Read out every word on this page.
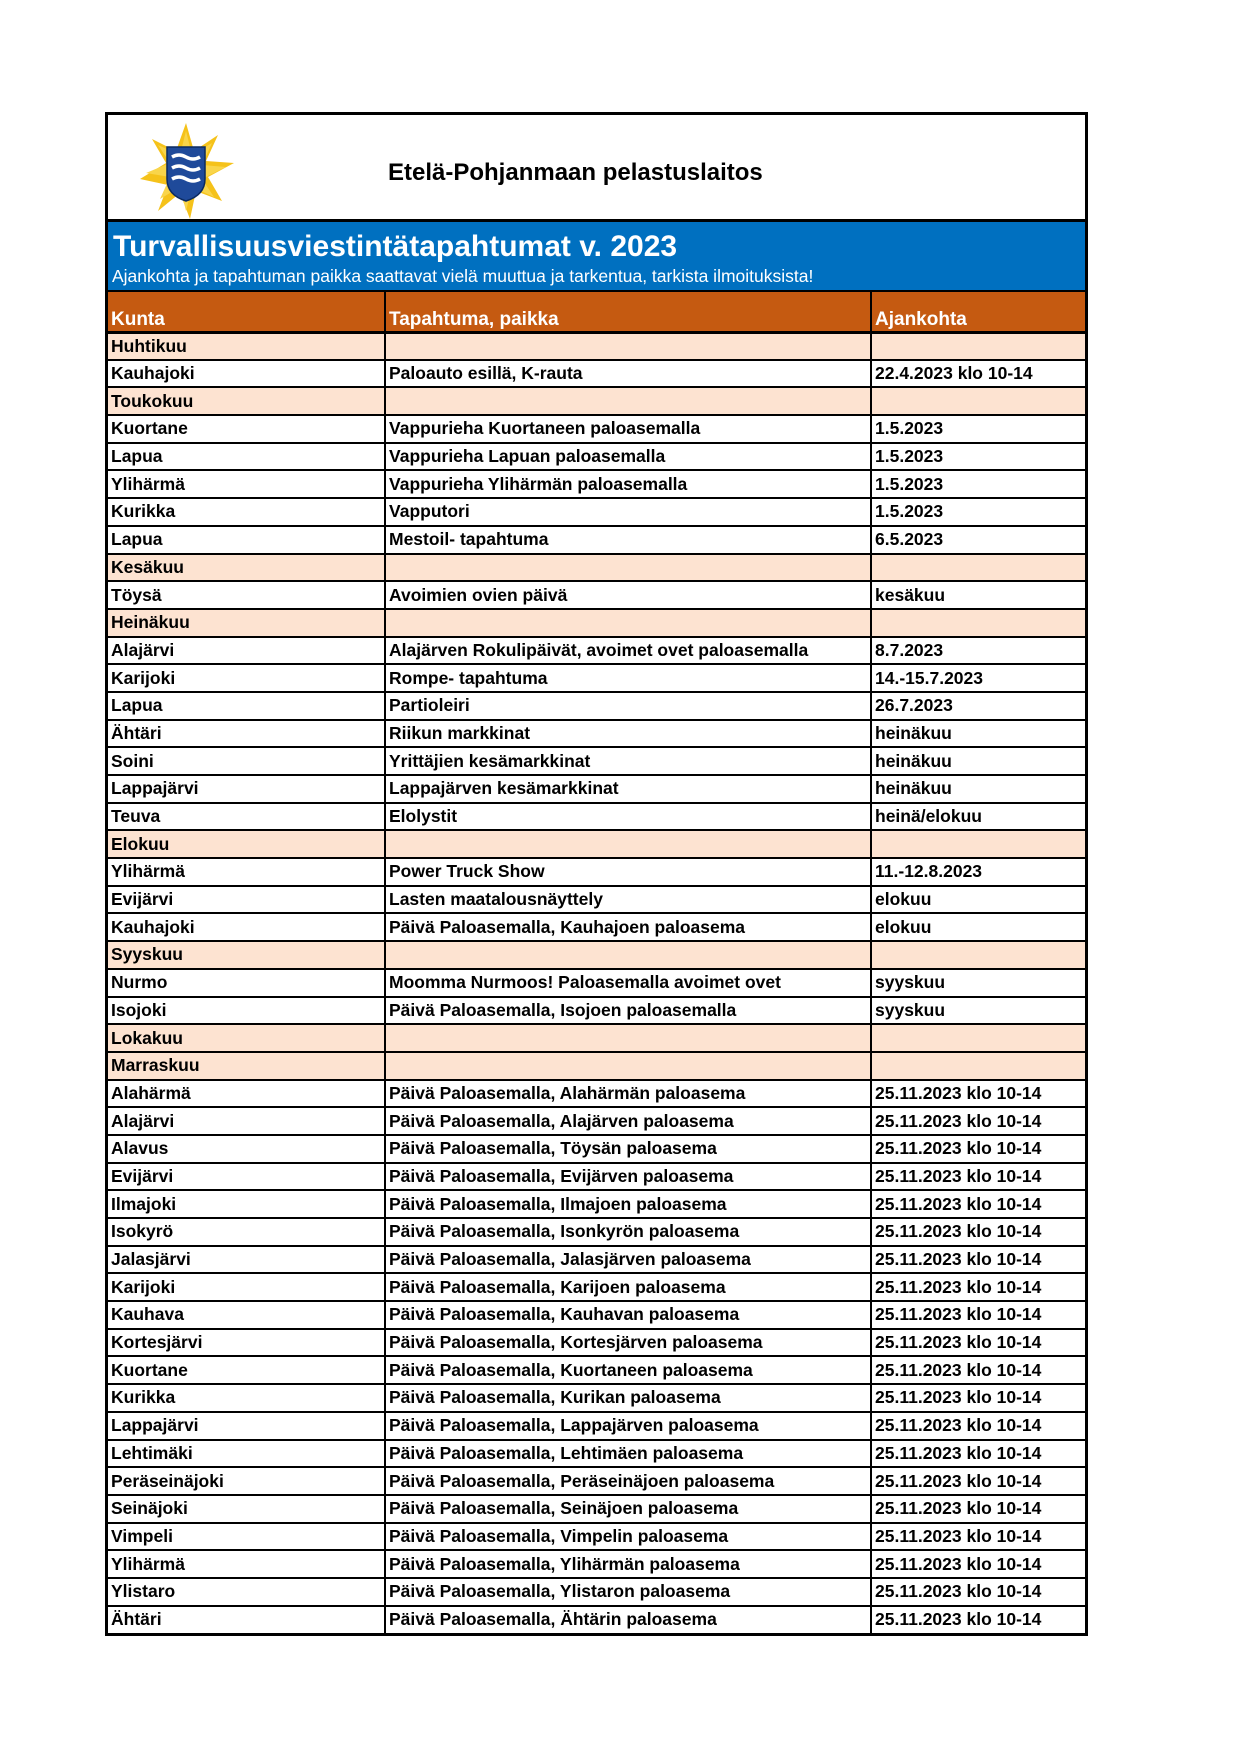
Etelä-Pohjanmaan pelastuslaitos
Turvallisuusviestintätapahtumat v. 2023
Ajankohta ja tapahtuman paikka saattavat vielä muuttua ja tarkentua, tarkista ilmoituksista!
Kunta	Tapahtuma, paikka	Ajankohta
Huhtikuu		
Kauhajoki	Paloauto esillä, K-rauta	22.4.2023 klo 10-14
Toukokuu		
Kuortane	Vappurieha Kuortaneen paloasemalla	1.5.2023
Lapua	Vappurieha Lapuan paloasemalla	1.5.2023
Ylihärmä	Vappurieha Ylihärmän paloasemalla	1.5.2023
Kurikka	Vapputori	1.5.2023
Lapua	Mestoil- tapahtuma	6.5.2023
Kesäkuu		
Töysä	Avoimien ovien päivä	kesäkuu
Heinäkuu		
Alajärvi	Alajärven Rokulipäivät, avoimet ovet paloasemalla	8.7.2023
Karijoki	Rompe- tapahtuma	14.-15.7.2023
Lapua	Partioleiri	26.7.2023
Ähtäri	Riikun markkinat	heinäkuu
Soini	Yrittäjien kesämarkkinat	heinäkuu
Lappajärvi	Lappajärven kesämarkkinat	heinäkuu
Teuva	Elolystit	heinä/elokuu
Elokuu		
Ylihärmä	Power Truck Show	11.-12.8.2023
Evijärvi	Lasten maatalousnäyttely	elokuu
Kauhajoki	Päivä Paloasemalla, Kauhajoen paloasema	elokuu
Syyskuu		
Nurmo	Moomma Nurmoos! Paloasemalla avoimet ovet	syyskuu
Isojoki	Päivä Paloasemalla, Isojoen paloasemalla	syyskuu
Lokakuu		
Marraskuu		
Alahärmä	Päivä Paloasemalla, Alahärmän paloasema	25.11.2023 klo 10-14
Alajärvi	Päivä Paloasemalla, Alajärven paloasema	25.11.2023 klo 10-14
Alavus	Päivä Paloasemalla, Töysän paloasema	25.11.2023 klo 10-14
Evijärvi	Päivä Paloasemalla, Evijärven paloasema	25.11.2023 klo 10-14
Ilmajoki	Päivä Paloasemalla, Ilmajoen paloasema	25.11.2023 klo 10-14
Isokyrö	Päivä Paloasemalla, Isonkyrön paloasema	25.11.2023 klo 10-14
Jalasjärvi	Päivä Paloasemalla, Jalasjärven paloasema	25.11.2023 klo 10-14
Karijoki	Päivä Paloasemalla, Karijoen paloasema	25.11.2023 klo 10-14
Kauhava	Päivä Paloasemalla, Kauhavan paloasema	25.11.2023 klo 10-14
Kortesjärvi	Päivä Paloasemalla, Kortesjärven paloasema	25.11.2023 klo 10-14
Kuortane	Päivä Paloasemalla, Kuortaneen paloasema	25.11.2023 klo 10-14
Kurikka	Päivä Paloasemalla, Kurikan paloasema	25.11.2023 klo 10-14
Lappajärvi	Päivä Paloasemalla, Lappajärven paloasema	25.11.2023 klo 10-14
Lehtimäki	Päivä Paloasemalla, Lehtimäen paloasema	25.11.2023 klo 10-14
Peräseinäjoki	Päivä Paloasemalla, Peräseinäjoen paloasema	25.11.2023 klo 10-14
Seinäjoki	Päivä Paloasemalla, Seinäjoen paloasema	25.11.2023 klo 10-14
Vimpeli	Päivä Paloasemalla, Vimpelin paloasema	25.11.2023 klo 10-14
Ylihärmä	Päivä Paloasemalla, Ylihärmän paloasema	25.11.2023 klo 10-14
Ylistaro	Päivä Paloasemalla, Ylistaron paloasema	25.11.2023 klo 10-14
Ähtäri	Päivä Paloasemalla, Ähtärin paloasema	25.11.2023 klo 10-14
